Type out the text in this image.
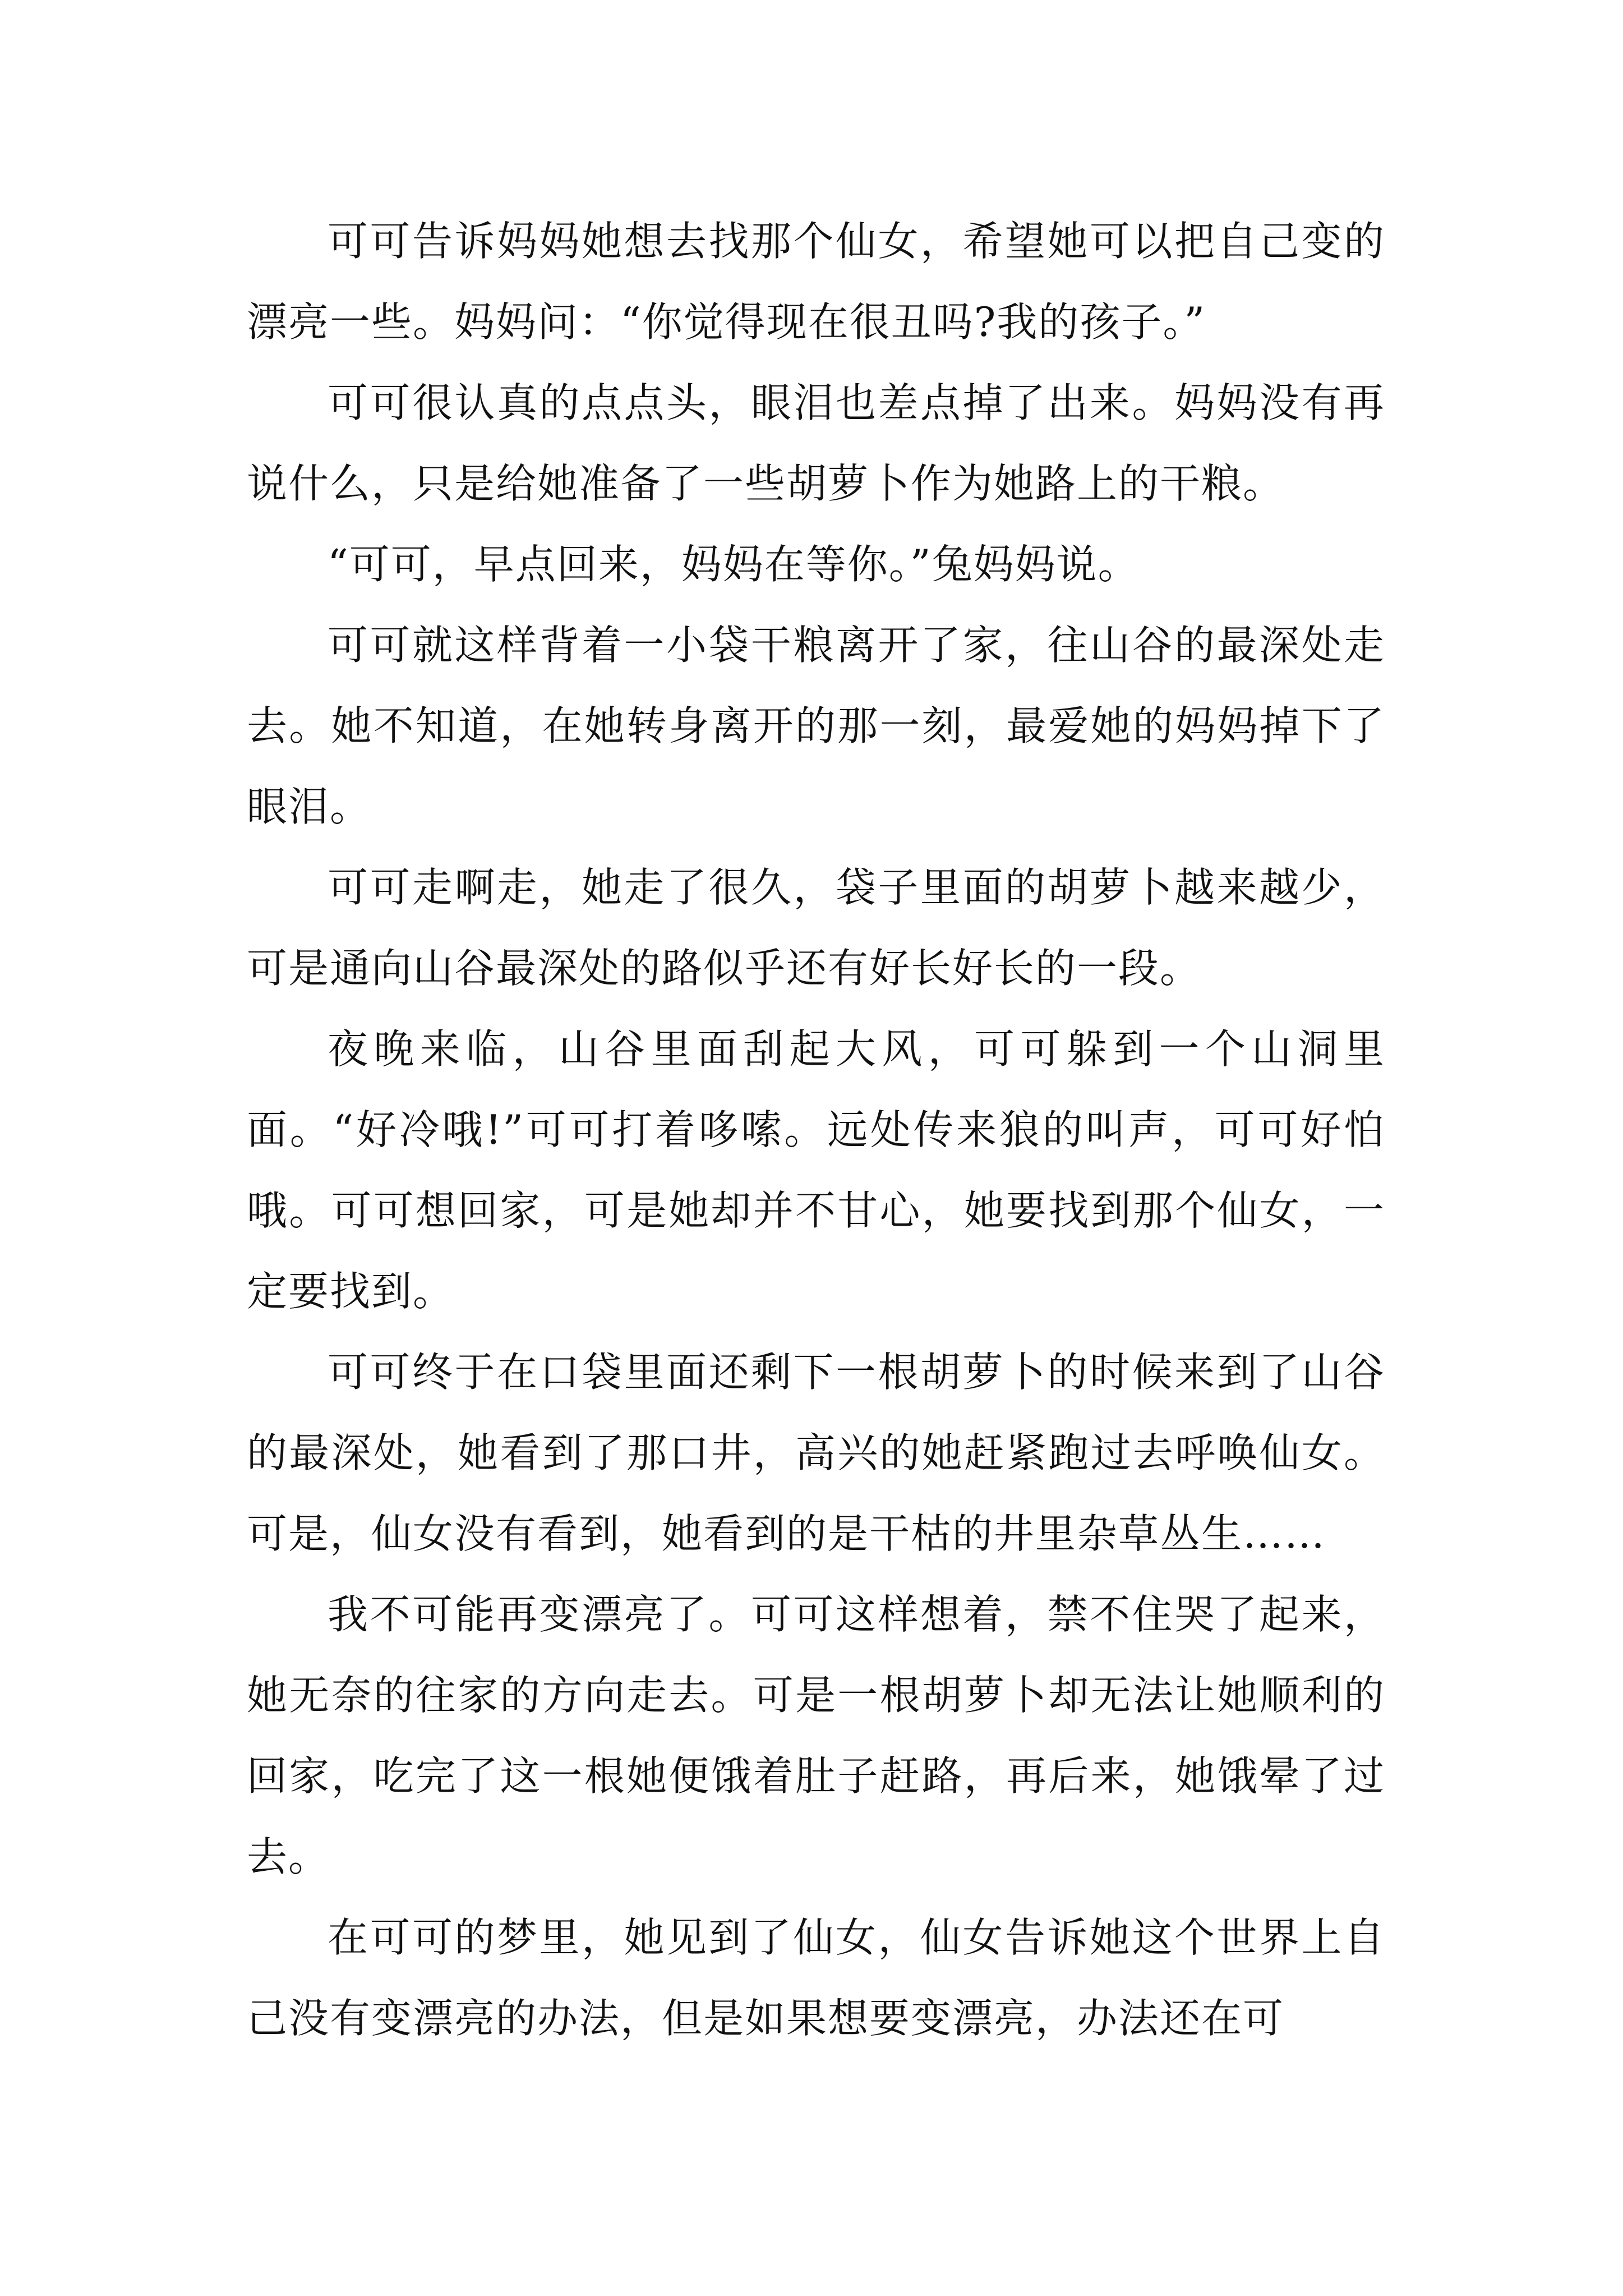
可可告诉妈妈她想去找那个仙女，希望她可以把自己变的漂亮一些。妈妈问：“你觉得现在很丑吗?我的孩子。”

可可很认真的点点头，眼泪也差点掉了出来。妈妈没有再说什么，只是给她准备了一些胡萝卜作为她路上的干粮。

“可可，早点回来，妈妈在等你。”兔妈妈说。

可可就这样背着一小袋干粮离开了家，往山谷的最深处走去。她不知道，在她转身离开的那一刻，最爱她的妈妈掉下了眼泪。

可可走啊走，她走了很久，袋子里面的胡萝卜越来越少，可是通向山谷最深处的路似乎还有好长好长的一段。

夜晚来临，山谷里面刮起大风，可可躲到一个山洞里面。“好冷哦!”可可打着哆嗦。远处传来狼的叫声，可可好怕哦。可可想回家，可是她却并不甘心，她要找到那个仙女，一定要找到。

可可终于在口袋里面还剩下一根胡萝卜的时候来到了山谷的最深处，她看到了那口井，高兴的她赶紧跑过去呼唤仙女。可是，仙女没有看到，她看到的是干枯的井里杂草丛生……

我不可能再变漂亮了。可可这样想着，禁不住哭了起来，她无奈的往家的方向走去。可是一根胡萝卜却无法让她顺利的回家，吃完了这一根她便饿着肚子赶路，再后来，她饿晕了过去。

在可可的梦里，她见到了仙女，仙女告诉她这个世界上自己没有变漂亮的办法，但是如果想要变漂亮，办法还在可
